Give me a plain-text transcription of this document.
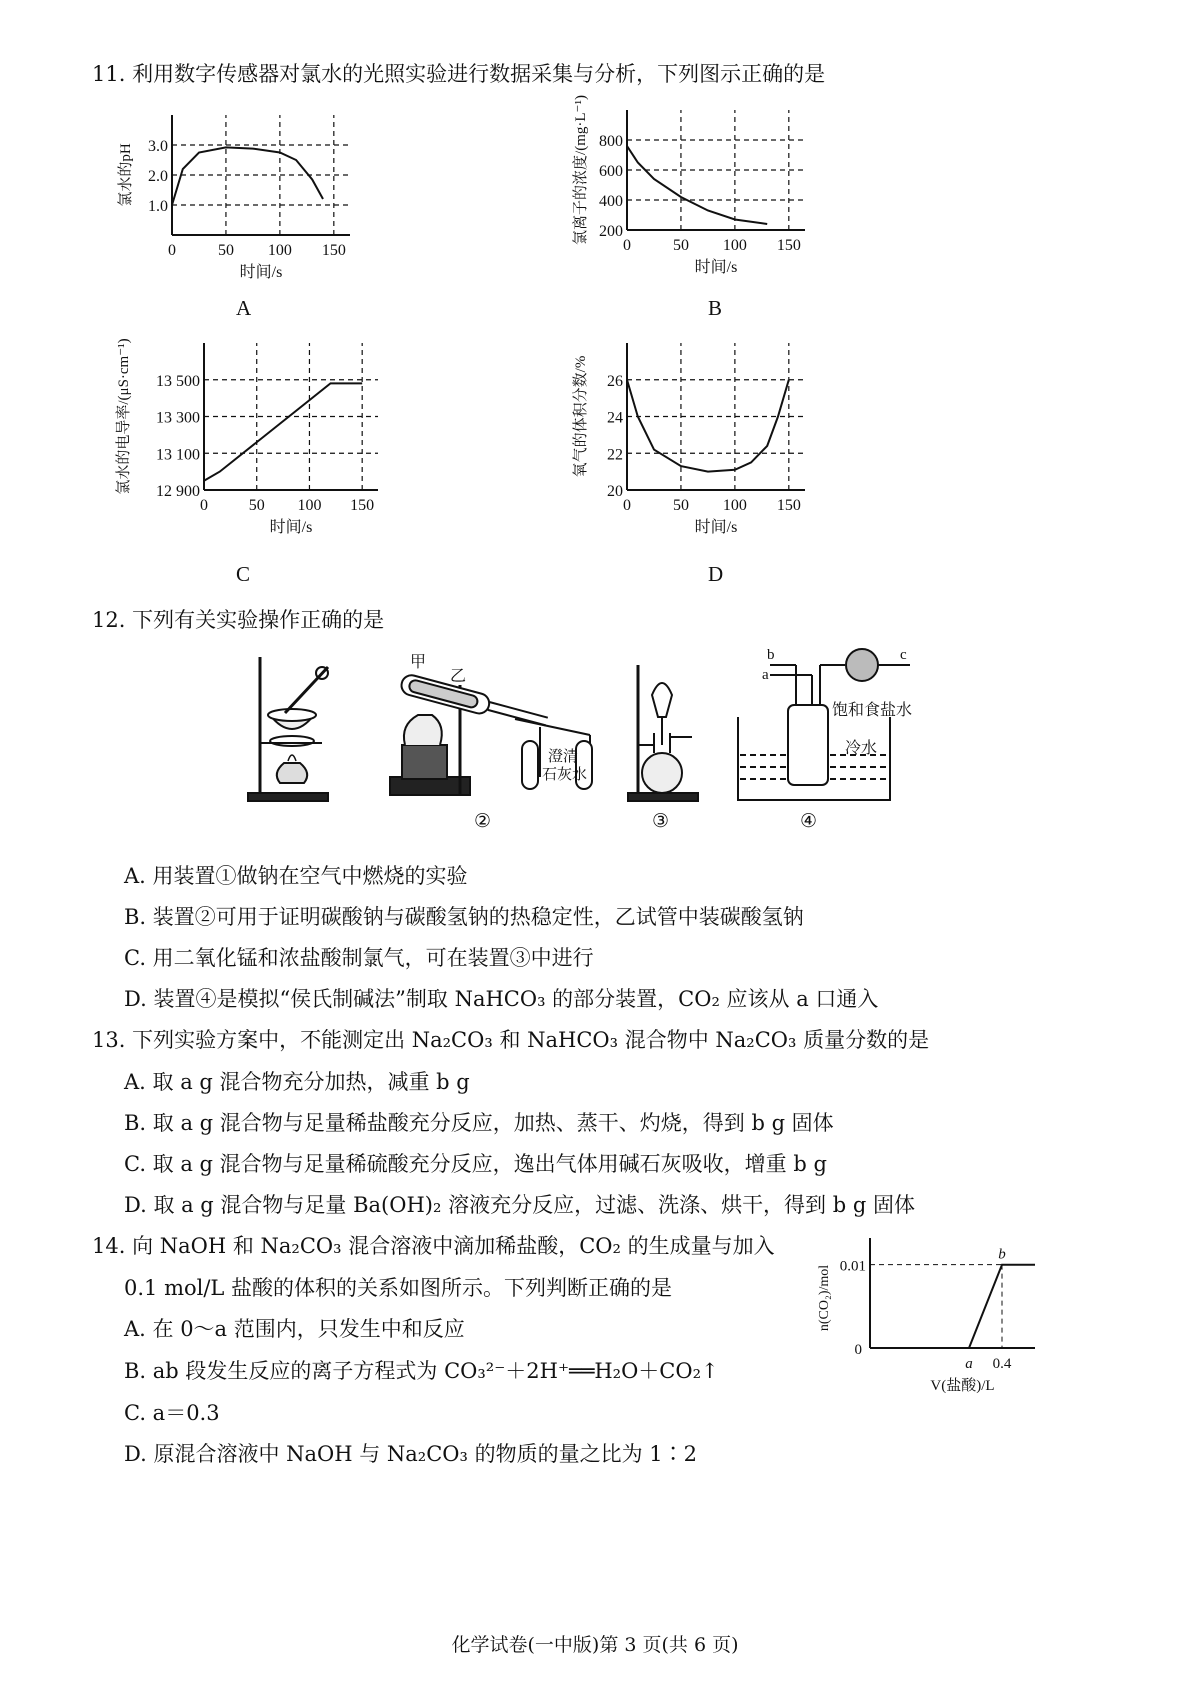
11. 利用数字传感器对氯水的光照实验进行数据采集与分析，下列图示正确的是
0	50 100 150
1.0
2.0
3.0
时间/s
氯水的pH
A
0	50 100 150
200
400
600
800
时间/s
氯离子的浓度/(mg·L⁻¹)
B
0	50 100 150
12 900
13 100
13 300
13 500
时间/s
氯水的电导率/(μS·cm⁻¹)
C
0	50 100 150
20
22
24
26
时间/s
氧气的体积分数/%
D
12. 下列有关实验操作正确的是
澄清
石灰水
甲
乙
b
a
c
饱和食盐水
冷水
②	③	④
A. 用装置①做钠在空气中燃烧的实验
B. 装置②可用于证明碳酸钠与碳酸氢钠的热稳定性，乙试管中装碳酸氢钠
C. 用二氧化锰和浓盐酸制氯气，可在装置③中进行
D. 装置④是模拟“侯氏制碱法”制取 NaHCO₃ 的部分装置，CO₂ 应该从 a 口通入
13. 下列实验方案中，不能测定出 Na₂CO₃ 和 NaHCO₃ 混合物中 Na₂CO₃ 质量分数的是
A. 取 a g 混合物充分加热，减重 b g
B. 取 a g 混合物与足量稀盐酸充分反应，加热、蒸干、灼烧，得到 b g 固体
C. 取 a g 混合物与足量稀硫酸充分反应，逸出气体用碱石灰吸收，增重 b g
D. 取 a g 混合物与足量 Ba(OH)₂ 溶液充分反应，过滤、洗涤、烘干，得到 b g 固体
14. 向 NaOH 和 Na₂CO₃ 混合溶液中滴加稀盐酸，CO₂ 的生成量与加入
0.1 mol/L 盐酸的体积的关系如图所示。下列判断正确的是
A. 在 0～a 范围内，只发生中和反应
B. ab 段发生反应的离子方程式为 CO₃²⁻＋2H⁺══H₂O＋CO₂↑
C. a＝0.3
D. 原混合溶液中 NaOH 与 Na₂CO₃ 的物质的量之比为 1∶2
0.01
0
a 0.4
b
V(盐酸)/L
n(CO₂)/mol
化学试卷(一中版)第 3 页(共 6 页)
